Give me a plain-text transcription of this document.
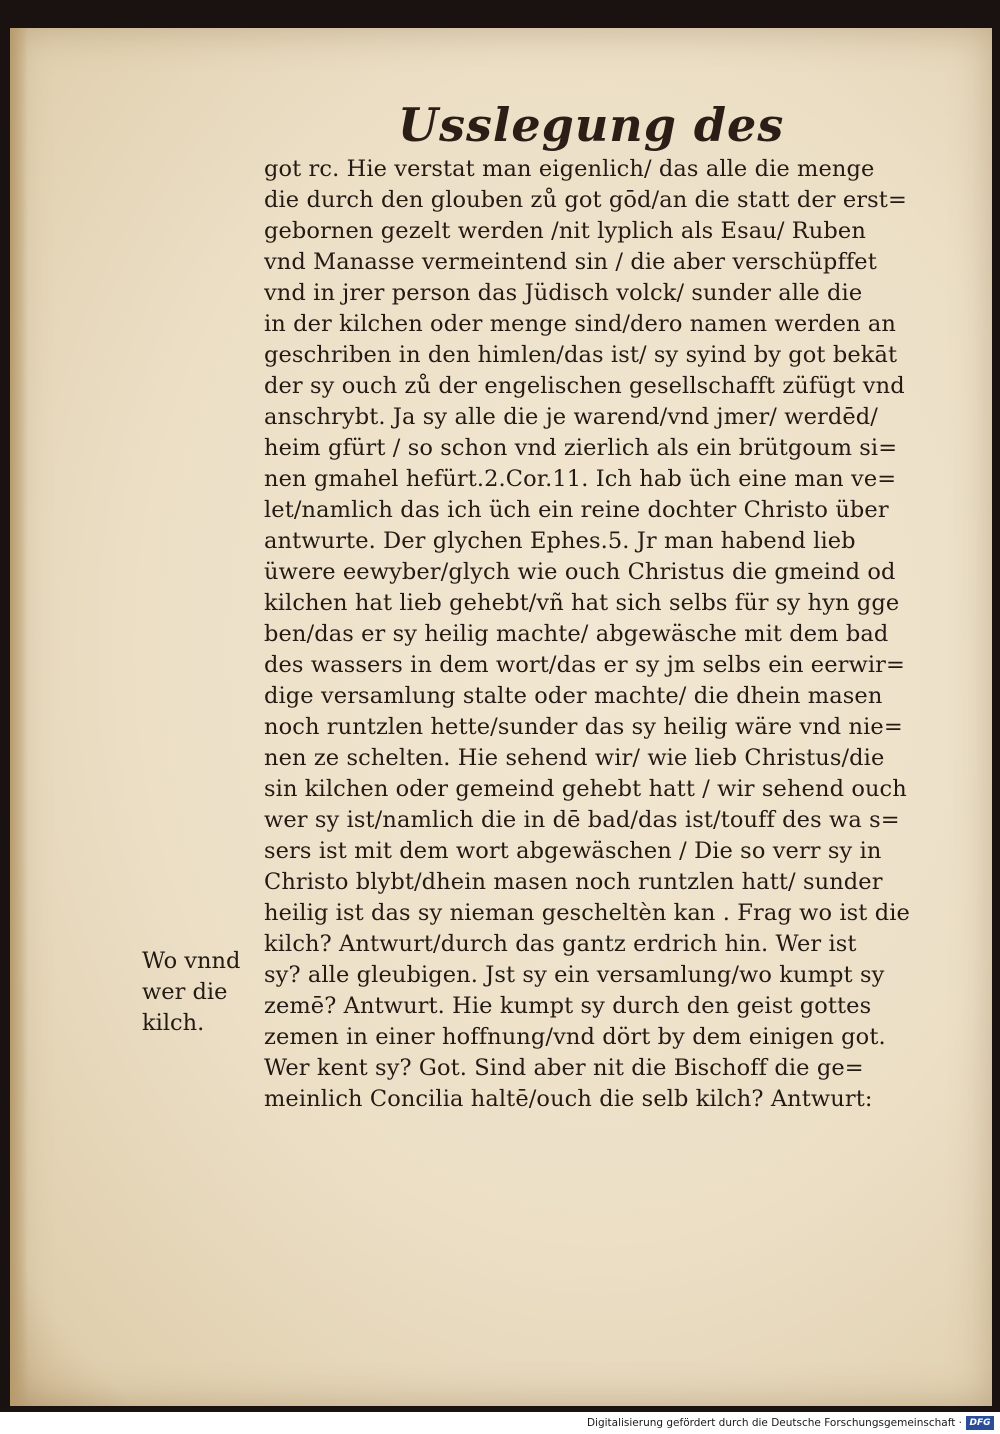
Usslegung des
got rc. Hie verstat man eigenlich/ das alle die menge
die durch den glouben zů got gōd/an die statt der erst=
gebornen gezelt werden /nit lyplich als Esau/ Ruben
vnd Manasse vermeintend sin / die aber verschüpffet
vnd in jrer person das Jüdisch volck/ sunder alle die
in der kilchen oder menge sind/dero namen werden an
geschriben in den himlen/das ist/ sy syind by got bekāt
der sy ouch zů der engelischen gesellschafft züfügt vnd
anschrybt. Ja sy alle die je warend/vnd jmer/ werdēd/
heim gfürt / so schon vnd zierlich als ein brütgoum si=
nen gmahel hefürt.2.Cor.11. Ich hab üch eine man ve=
let/namlich das ich üch ein reine dochter Christo über
antwurte. Der glychen Ephes.5. Jr man habend lieb
üwere eewyber/glych wie ouch Christus die gmeind od
kilchen hat lieb gehebt/vñ hat sich selbs für sy hyn gge
ben/das er sy heilig machte/ abgewäsche mit dem bad
des wassers in dem wort/das er sy jm selbs ein eerwir=
dige versamlung stalte oder machte/ die dhein masen
noch runtzlen hette/sunder das sy heilig wäre vnd nie=
nen ze schelten. Hie sehend wir/ wie lieb Christus/die
sin kilchen oder gemeind gehebt hatt / wir sehend ouch
wer sy ist/namlich die in dē bad/das ist/touff des wa s=
sers ist mit dem wort abgewäschen / Die so verr sy in
Christo blybt/dhein masen noch runtzlen hatt/ sunder
heilig ist das sy nieman gescheltèn kan . Frag wo ist die
kilch? Antwurt/durch das gantz erdrich hin. Wer ist
sy? alle gleubigen. Jst sy ein versamlung/wo kumpt sy
zemē? Antwurt. Hie kumpt sy durch den geist gottes
zemen in einer hoffnung/vnd dört by dem einigen got.
Wer kent sy? Got. Sind aber nit die Bischoff die ge=
meinlich Concilia haltē/ouch die selb kilch? Antwurt:
Wo vnnd
wer die
kilch.
Digitalisierung gefördert durch die Deutsche Forschungsgemeinschaft · DFG
